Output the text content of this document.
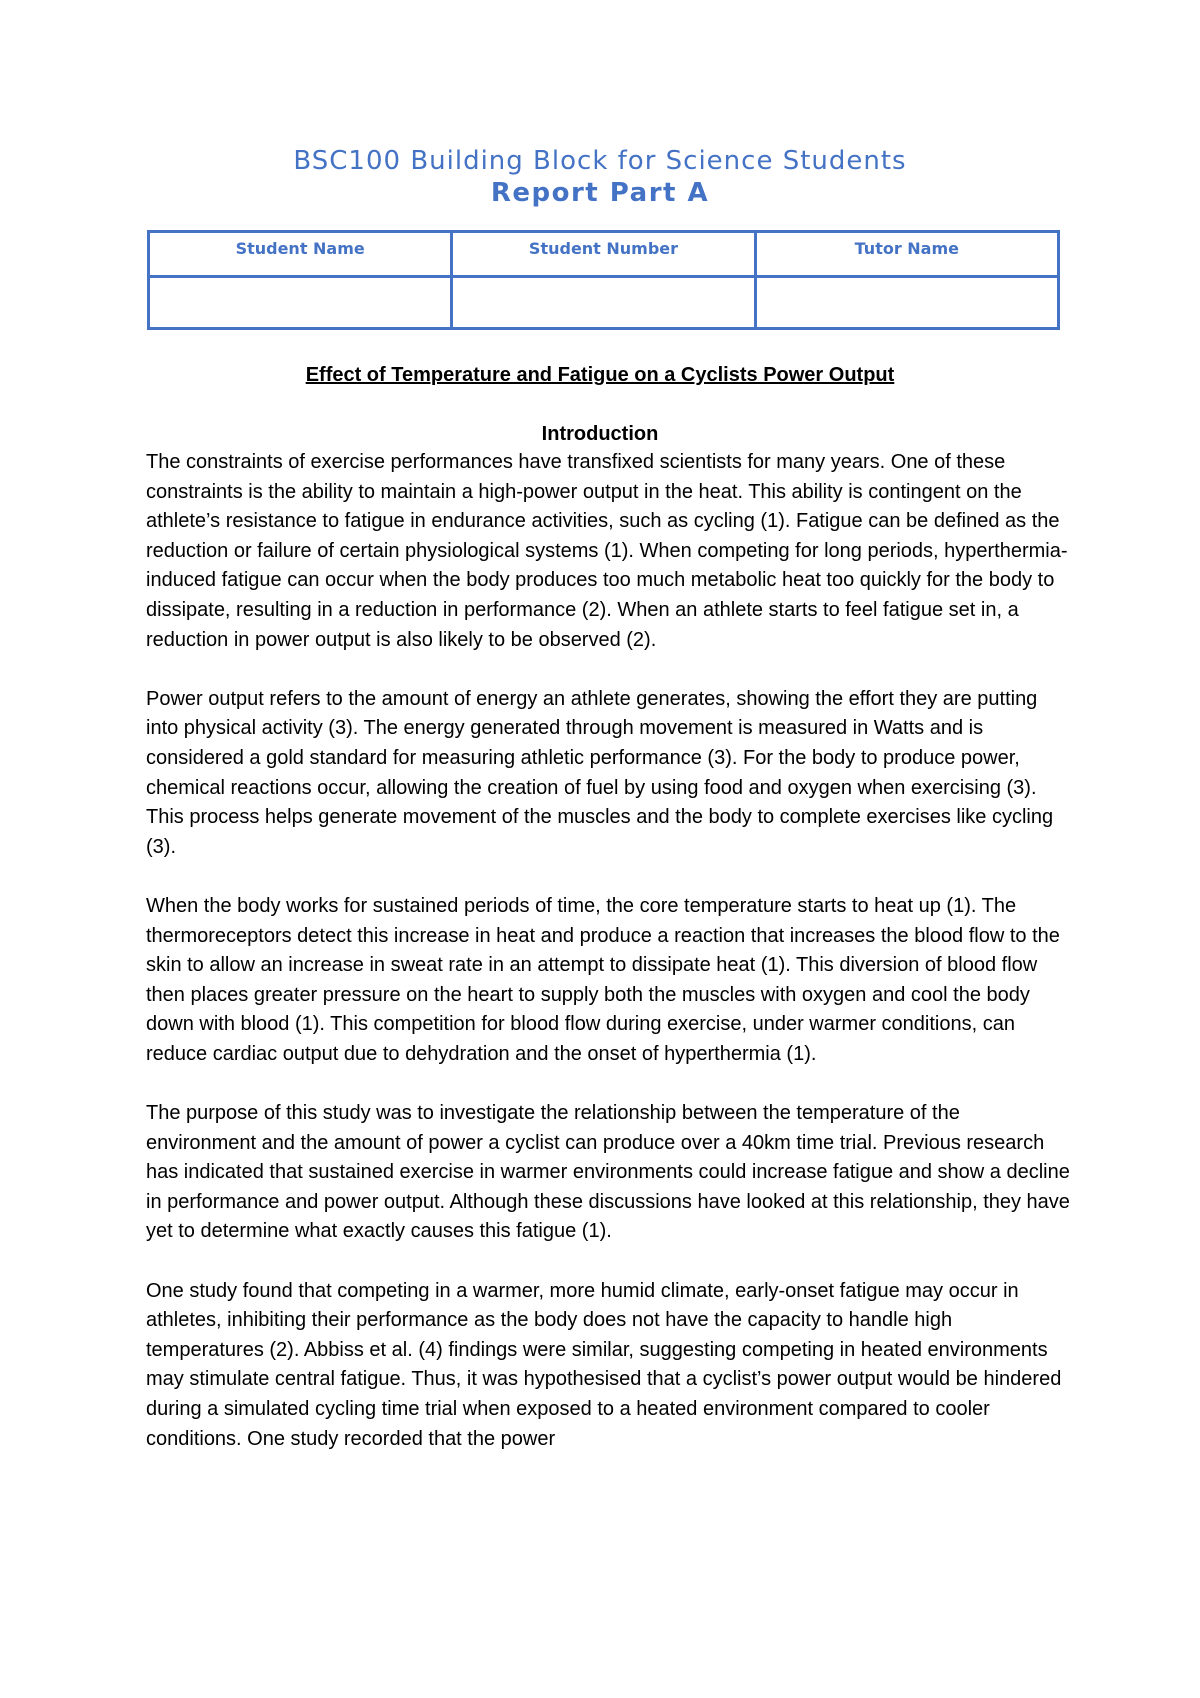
BSC100 Building Block for Science Students
Report Part A
Student Name	Student Number	Tutor Name

Effect of Temperature and Fatigue on a Cyclists Power Output
Introduction

The constraints of exercise performances have transfixed scientists for many years. One of these constraints is the ability to maintain a high-power output in the heat. This ability is contingent on the athlete’s resistance to fatigue in endurance activities, such as cycling (1). Fatigue can be defined as the reduction or failure of certain physiological systems (1). When competing for long periods, hyperthermia-induced fatigue can occur when the body produces too much metabolic heat too quickly for the body to dissipate, resulting in a reduction in performance (2). When an athlete starts to feel fatigue set in, a reduction in power output is also likely to be observed (2).

Power output refers to the amount of energy an athlete generates, showing the effort they are putting into physical activity (3). The energy generated through movement is measured in Watts and is considered a gold standard for measuring athletic performance (3). For the body to produce power, chemical reactions occur, allowing the creation of fuel by using food and oxygen when exercising (3). This process helps generate movement of the muscles and the body to complete exercises like cycling (3).

When the body works for sustained periods of time, the core temperature starts to heat up (1). The thermoreceptors detect this increase in heat and produce a reaction that increases the blood flow to the skin to allow an increase in sweat rate in an attempt to dissipate heat (1). This diversion of blood flow then places greater pressure on the heart to supply both the muscles with oxygen and cool the body down with blood (1). This competition for blood flow during exercise, under warmer conditions, can reduce cardiac output due to dehydration and the onset of hyperthermia (1).

The purpose of this study was to investigate the relationship between the temperature of the environment and the amount of power a cyclist can produce over a 40km time trial. Previous research has indicated that sustained exercise in warmer environments could increase fatigue and show a decline in performance and power output. Although these discussions have looked at this relationship, they have yet to determine what exactly causes this fatigue (1).

One study found that competing in a warmer, more humid climate, early-onset fatigue may occur in athletes, inhibiting their performance as the body does not have the capacity to handle high temperatures (2). Abbiss et al. (4) findings were similar, suggesting competing in heated environments may stimulate central fatigue. Thus, it was hypothesised that a cyclist’s power output would be hindered during a simulated cycling time trial when exposed to a heated environment compared to cooler conditions. One study recorded that the power
